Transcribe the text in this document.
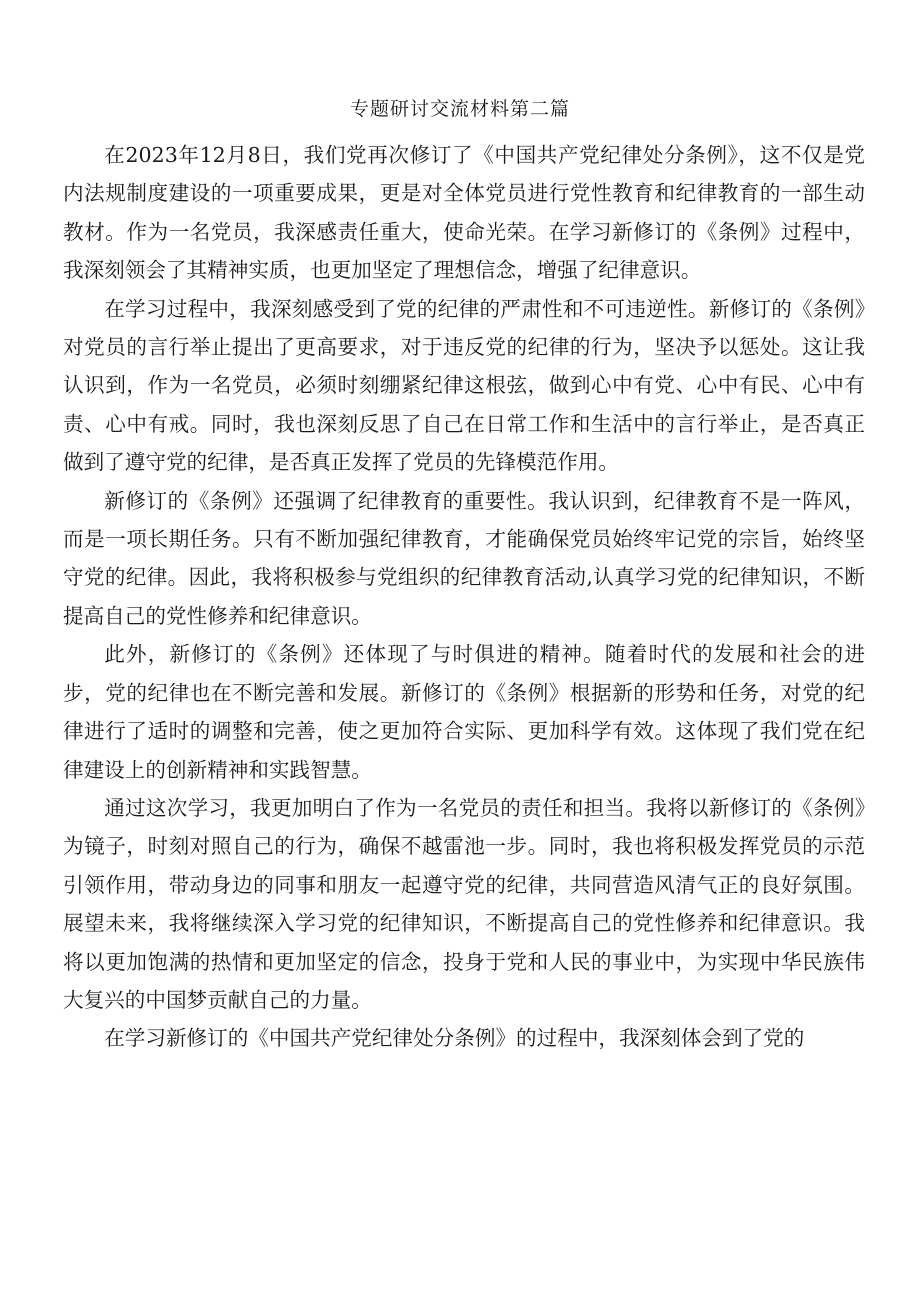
专题研讨交流材料第二篇

在2023年12月8日，我们党再次修订了《中国共产党纪律处分条例》，这不仅是党内法规制度建设的一项重要成果，更是对全体党员进行党性教育和纪律教育的一部生动教材。作为一名党员，我深感责任重大，使命光荣。在学习新修订的《条例》过程中，我深刻领会了其精神实质，也更加坚定了理想信念，增强了纪律意识。

在学习过程中，我深刻感受到了党的纪律的严肃性和不可违逆性。新修订的《条例》对党员的言行举止提出了更高要求，对于违反党的纪律的行为，坚决予以惩处。这让我认识到，作为一名党员，必须时刻绷紧纪律这根弦，做到心中有党、心中有民、心中有责、心中有戒。同时，我也深刻反思了自己在日常工作和生活中的言行举止，是否真正做到了遵守党的纪律，是否真正发挥了党员的先锋模范作用。

新修订的《条例》还强调了纪律教育的重要性。我认识到，纪律教育不是一阵风，而是一项长期任务。只有不断加强纪律教育，才能确保党员始终牢记党的宗旨，始终坚守党的纪律。因此，我将积极参与党组织的纪律教育活动,认真学习党的纪律知识，不断提高自己的党性修养和纪律意识。

此外，新修订的《条例》还体现了与时俱进的精神。随着时代的发展和社会的进步，党的纪律也在不断完善和发展。新修订的《条例》根据新的形势和任务，对党的纪律进行了适时的调整和完善，使之更加符合实际、更加科学有效。这体现了我们党在纪律建设上的创新精神和实践智慧。

通过这次学习，我更加明白了作为一名党员的责任和担当。我将以新修订的《条例》为镜子，时刻对照自己的行为，确保不越雷池一步。同时，我也将积极发挥党员的示范引领作用，带动身边的同事和朋友一起遵守党的纪律，共同营造风清气正的良好氛围。展望未来，我将继续深入学习党的纪律知识，不断提高自己的党性修养和纪律意识。我将以更加饱满的热情和更加坚定的信念，投身于党和人民的事业中，为实现中华民族伟大复兴的中国梦贡献自己的力量。

在学习新修订的《中国共产党纪律处分条例》的过程中，我深刻体会到了党的
